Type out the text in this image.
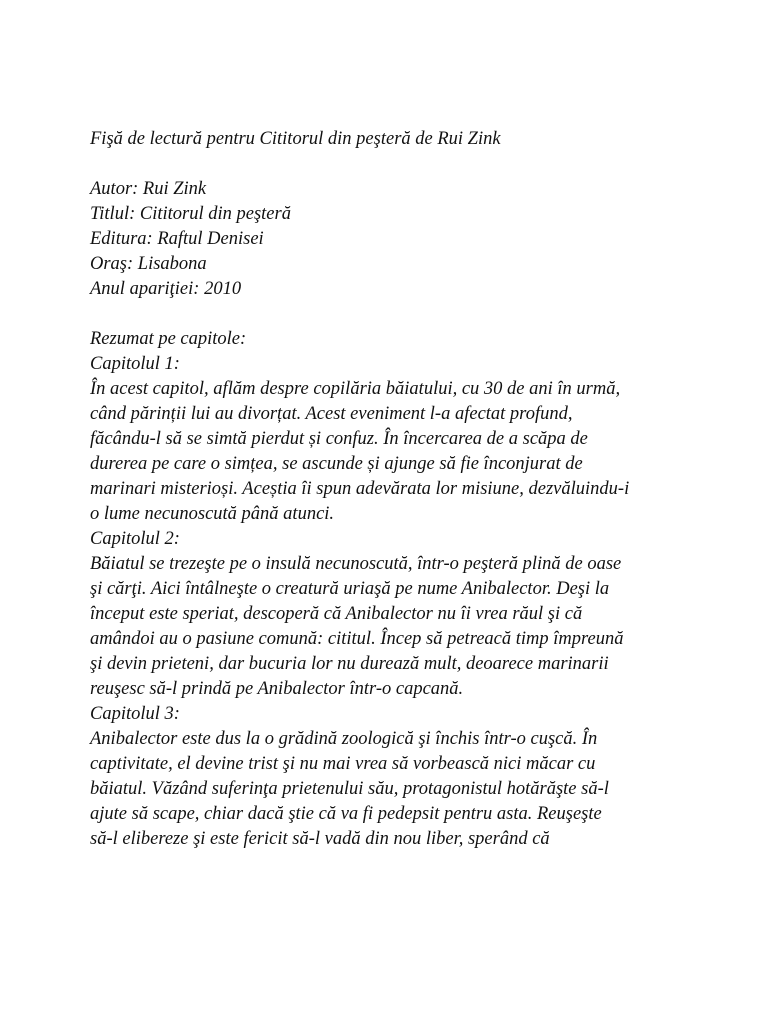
Fişă de lectură pentru Cititorul din peşteră de Rui Zink
Autor: Rui Zink
Titlul: Cititorul din peşteră
Editura: Raftul Denisei
Oraş: Lisabona
Anul apariţiei: 2010
Rezumat pe capitole:
Capitolul 1:
În acest capitol, aflăm despre copilăria băiatului, cu 30 de ani în urmă,
când părinții lui au divorțat. Acest eveniment l-a afectat profund,
făcându-l să se simtă pierdut și confuz. În încercarea de a scăpa de
durerea pe care o simțea, se ascunde și ajunge să fie înconjurat de
marinari misterioși. Aceștia îi spun adevărata lor misiune, dezvăluindu-i
o lume necunoscută până atunci.
Capitolul 2:
Băiatul se trezeşte pe o insulă necunoscută, într-o peşteră plină de oase
şi cărţi. Aici întâlneşte o creatură uriaşă pe nume Anibalector. Deşi la
început este speriat, descoperă că Anibalector nu îi vrea răul şi că
amândoi au o pasiune comună: cititul. Încep să petreacă timp împreună
şi devin prieteni, dar bucuria lor nu durează mult, deoarece marinarii
reuşesc să-l prindă pe Anibalector într-o capcană.
Capitolul 3:
Anibalector este dus la o grădină zoologică şi închis într-o cuşcă. În
captivitate, el devine trist şi nu mai vrea să vorbească nici măcar cu
băiatul. Văzând suferinţa prietenului său, protagonistul hotărăşte să-l
ajute să scape, chiar dacă ştie că va fi pedepsit pentru asta. Reuşeşte
să-l elibereze şi este fericit să-l vadă din nou liber, sperând că
